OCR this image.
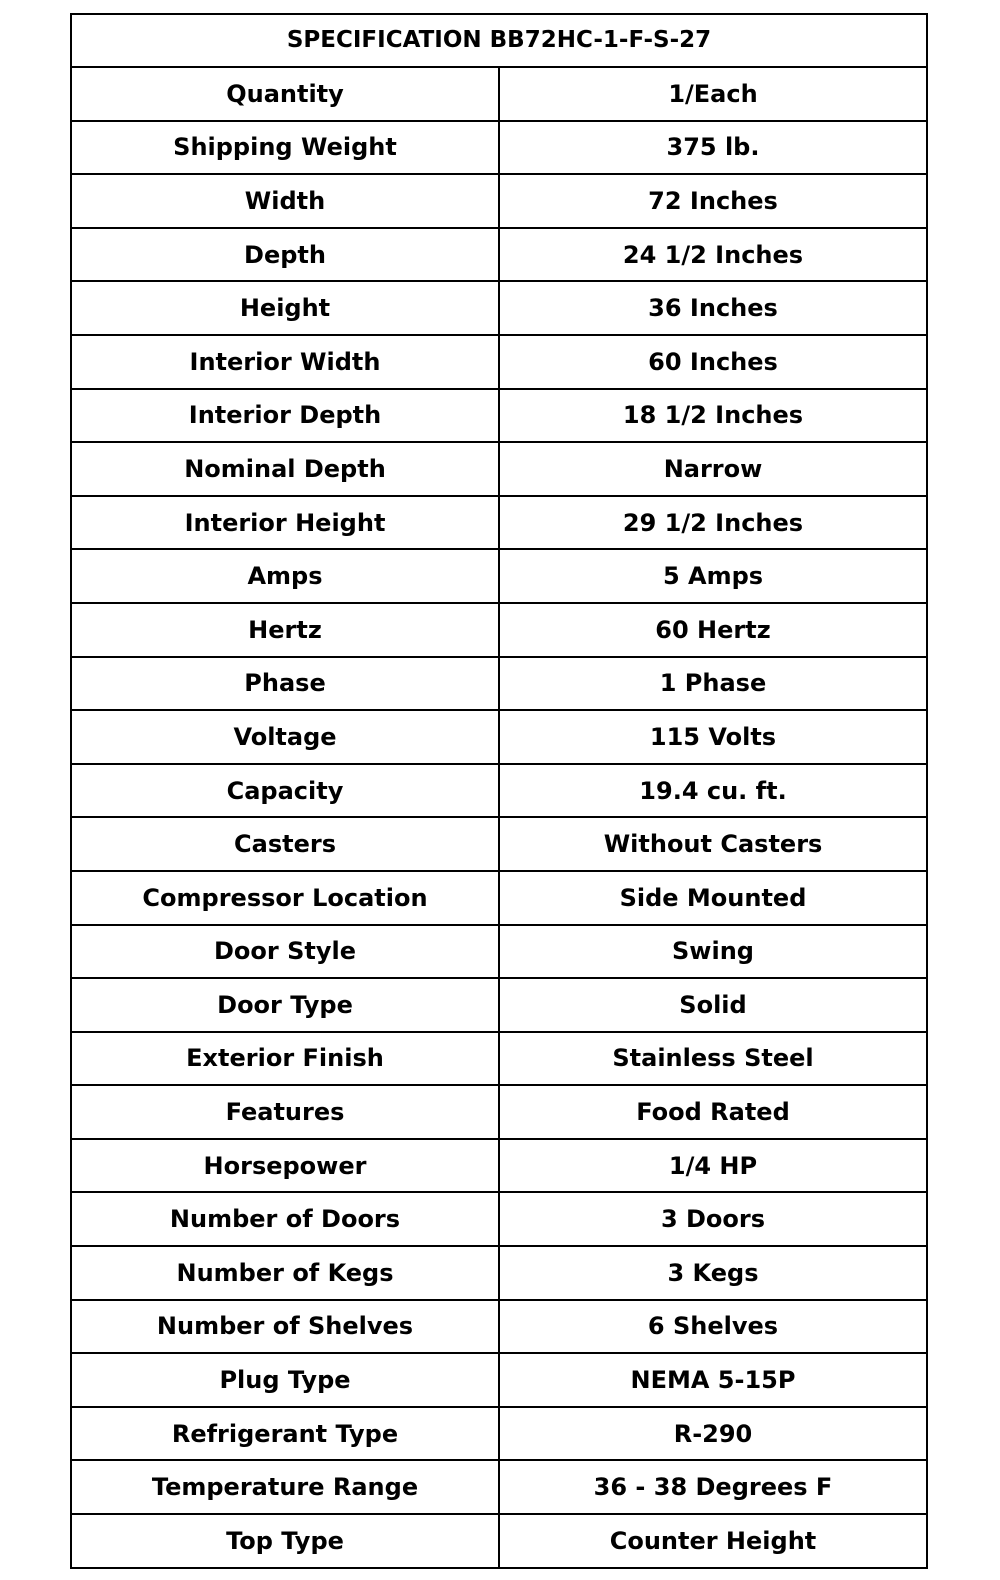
SPECIFICATION BB72HC-1-F-S-27	
Quantity	1/Each
Shipping Weight	375 lb.
Width	72 Inches
Depth	24 1/2 Inches
Height	36 Inches
Interior Width	60 Inches
Interior Depth	18 1/2 Inches
Nominal Depth	Narrow
Interior Height	29 1/2 Inches
Amps	5 Amps
Hertz	60 Hertz
Phase	1 Phase
Voltage	115 Volts
Capacity	19.4 cu. ft.
Casters	Without Casters
Compressor Location	Side Mounted
Door Style	Swing
Door Type	Solid
Exterior Finish	Stainless Steel
Features	Food Rated
Horsepower	1/4 HP
Number of Doors	3 Doors
Number of Kegs	3 Kegs
Number of Shelves	6 Shelves
Plug Type	NEMA 5-15P
Refrigerant Type	R-290
Temperature Range	36 - 38 Degrees F
Top Type	Counter Height
